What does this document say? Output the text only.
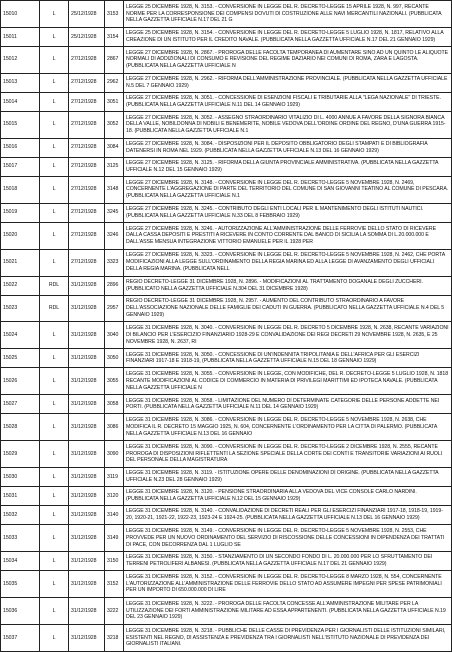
15010	L	25/12/1928	3153	LEGGE 25 DICEMBRE 1928, N. 3153. - CONVERSIONE IN LEGGE DEL R. DECRETO-LEGGE 15 APRILE 1928, N. 997, RECANTE NORME PER LA CORRESPONSIONE DEI COMPENSI DOVUTI DI COSTRUZIONE ALLE NAVI MERCANTILI NAZIONALI. (PUBBLICATA NELLA GAZZETTA UFFICIALE N.17 DEL 21 G
15011	L	25/12/1928	3154	LEGGE 25 DICEMBRE 1928, N. 3154. - CONVERSIONE IN LEGGE DEL R. DECRETO-LEGGE 5 LUGLIO 1928, N. 1817, RELATIVO ALLA CREAZIONE DI UN ISTITUTO PER IL CREDITO NAVALE. (PUBBLICATA NELLA GAZZETTA UFFICIALE N.17 DEL 21 GENNAIO 1929)
15012	L	27/12/1928	2867	LEGGE 27 DICEMBRE 1928, N. 2867. - PROROGA DELLE FACOLTA TEMPORANEA DI AUMENTARE SINO AD UN QUINTO LE ALIQUOTE NORMALI DI ADDIZIONALI DI CONSUMO E REVISIONE DEL REGIME DAZIARIO NEI COMUNI DI ROMA, ZARA E LAGOSTA. (PUBBLICATA NELLA GAZZETTA UFFICIALE N
15013	L	27/12/1928	2962	LEGGE 27 DICEMBRE 1928, N. 2962. - RIFORMA DELL'AMMINISTRAZIONE PROVINCIALE. (PUBBLICATA NELLA GAZZETTA UFFICIALE N.5 DEL 7 GENNAIO 1929)
15014	L	27/12/1928	3051	LEGGE 27 DICEMBRE 1928, N. 3051. - CONCESSIONE DI ESENZIONI FISCALI E TRIBUTARIE ALLA ''LEGA NAZIONALE'' DI TRIESTE. (PUBBLICATA NELLA GAZZETTA UFFICIALE N.11 DEL 14 GENNAIO 1929)
15015	L	27/12/1928	3052	LEGGE 27 DICEMBRE 1928, N. 3052. - ASSEGNO STRAORDINARIO VITALIZIO DI L. 4000 ANNUE A FAVORE DELLA SIGNORA BIANCA DELLA VALLE, NOBILDONNA DI NOBILI E BENEMERITE, NOBILE VEDOVA DELL'ORDINE ORDINE DEL REGNO, D'UNA GUERRA 1915-18. (PUBBLICATA NELLA GAZZETTA UFFICIALE N.1
15016	L	27/12/1928	3084	LEGGE 27 DICEMBRE 1928, N. 3084. - DISPOSIZIONI PER IL DEPOSITO OBBLIGATORIO DEGLI STAMPATI E DI BIBLIOGRAFIA DATENERSI IN ROMA NEL 1929. (PUBBLICATA NELLA GAZZETTA UFFICIALE N.13 DEL 16 GENNAIO 1929)
15017	L	27/12/1928	3125	LEGGE 27 DICEMBRE 1928, N. 3125. - RIFORMA DELLA GIUNTA PROVINCIALE AMMINISTRATIVA. (PUBBLICATA NELLA GAZZETTA UFFICIALE N.12 DEL 15 GENNAIO 1929)
15018	L	27/12/1928	3148	LEGGE 27 DICEMBRE 1928, N. 3148. - CONVERSIONE IN LEGGE DEL R. DECRETO-LEGGE 5 NOVEMBRE 1928, N. 2469, CONCERNENTE L'AGGREGAZIONE DI PARTE DEL TERRITORIO DEL COMUNE DI SAN GIOVANNI TEATINO AL COMUNE DI PESCARA. (PUBBLICATA NELLA GAZZETTA UFFICIALE N.1
15019	L	27/12/1928	3245	LEGGE 27 DICEMBRE 1928, N. 3245. - CONTRIBUTO DEGLI ENTI LOCALI PER IL MANTENIMENTO DEGLI ISTITUTI NAUTICI. (PUBBLICATA NELLA GAZZETTA UFFICIALE N.33 DEL 8 FEBBRAIO 1929)
15020	L	27/12/1928	3246	LEGGE 27 DICEMBRE 1928, N. 3246. - AUTORIZZAZIONE ALL'AMMINISTRAZIONE DELLE FERROVIE DELLO STATO DI RICEVERE DALLA CASSA DEPOSITI E PRESTITI A RICEVERE IN CONTO CORRENTE DAL BANCO DI SICILIA LA SOMMA DI L.20.000.000 E DALL'ASSE MENSUA INTEGRAZIONE VITTORIO EMANUELE PER IL 1928 PER
15021	L	27/12/1928	3323	LEGGE 27 DICEMBRE 1928, N. 3323. - CONVERSIONE IN LEGGE DEL R. DECRETO-LEGGE 5 NOVEMBRE 1928, N. 2462, CHE PORTA MODIFICAZIONI ALLA LEGGE SULL'ORDINAMENTO DELLA REGIA MARINA ED ALLA LEGGE DI AVANZAMENTO DEGLI UFFICIALI DELLA REGIA MARINA. (PUBBLICATA NELL
15022	RDL	31/12/1928	2896	REGIO DECRETO-LEGGE 31 DICEMBRE 1928, N. 2896. - MODIFICAZIONI AL TRATTAMENTO DOGANALE DEGLI ZUCCHERI. (PUBBLICATO NELLA GAZZETTA UFFICIALE N.304 DEL 31 DICEMBRE 1928)
15023	RDL	31/12/1928	2957	REGIO DECRETO-LEGGE 31 DICEMBRE 1928, N. 2957. - AUMENTO DEL CONTRIBUTO STRAORDINARIO A FAVORE DELL'ASSOCIAZIONE NAZIONALE DELLE FAMIGLIE DEI CADUTI IN GUERRA. (PUBBLICATO NELLA GAZZETTA UFFICIALE N.4 DEL 5 GENNAIO 1929)
15024	L	31/12/1928	3040	LEGGE 31 DICEMBRE 1928, N. 3040. - CONVERSIONE IN LEGGE DEL R. DECRETO 5 DICEMBRE 1928, N. 2638, RECANTE VARIAZIONI DI BILANCIO PER L'ESERCIZIO FINANZIARIO 1928-29 E CONVALIDAZIONE DEI REGI DECRETI 29 NOVEMBRE 1928, N. 2635, E 25 NOVEMBRE 1928, N. 2637, RI
15025	L	31/12/1928	3050	LEGGE 31 DICEMBRE 1928, N. 3050. - CONCESSIONE DI UN'INDENNITA TRIPOLITANIA E DELL'AFRICA PER GLI ESERCIZI FINANZIARI 1917-18 E 1918-19, (PUBBLICATA NELLA GAZZETTA UFFICIALE N.15 DEL 18 GENNAIO 1929)
15026	L	31/12/1928	3055	LEGGE 31 DICEMBRE 1928, N. 3055. - CONVERSIONE IN LEGGE, CON MODIFICHE, DEL R. DECRETO-LEGGE 5 LUGLIO 1928, N. 1818 RECANTE MODIFICAZIONI AL CODICE DI COMMERCIO IN MATERIA DI PRIVILEGI MARITTIMI ED IPOTECA NAVALE. (PUBBLICATA NELLA GAZZETTA UFFICIALE N
15027	L	31/12/1928	3058	LEGGE 31 DICEMBRE 1928, N. 3058. - LIMITAZIONE DEL NUMERO DI DETERMINATE CATEGORIE DELLE PERSONE ADDETTE NEI PORTI. (PUBBLICATA NELLA GAZZETTA UFFICIALE N.11 DEL 14 GENNAIO 1929)
15028	L	31/12/1928	3086	LEGGE 31 DICEMBRE 1928, N. 3086. - CONVERSIONE IN LEGGE DEL R. DECRETO-LEGGE 5 NOVEMBRE 1928, N. 2638, CHE MODIFICA IL R. DECRETO 15 MAGGIO 1925, N. 604, CONCERNENTE L'ORDINAMENTO PER LA CITTA DI PALERMO. (PUBBLICATA NELLA GAZZETTA UFFICIALE N.13 DEL 16 GENNAIO
15029	L	31/12/1928	3090	LEGGE 31 DICEMBRE 1928, N. 3090. - CONVERSIONE IN LEGGE DEL R. DECRETO-LEGGE 2 DICEMBRE 1928, N. 2555, RECANTE PROROGA DI DISPOSIZIONI RIFLETTENTI LA SEZIONE SPECIALE DELLA CORTE DEI CONTI E TRANSITORIE VARIAZIONI AI RUOLI DEL PERSONALE DELLA MAGISTRATURA
15030	L	31/12/1928	3119	LEGGE 31 DICEMBRE 1928, N. 3119. - ISTITUZIONE OPERE DELLE DENOMINAZIONI DI ORIGINE. (PUBBLICATA NELLA GAZZETTA UFFICIALE N.23 DEL 28 GENNAIO 1929)
15031	L	31/12/1928	3120	LEGGE 31 DICEMBRE 1928, N. 3120. - PENSIONE STRAORDINARIA ALLA VEDOVA DEL VICE CONSOLE CARLO NARDINI. (PUBBLICATA NELLA GAZZETTA UFFICIALE N.12 DEL 15 GENNAIO 1929)
15032	L	31/12/1928	3140	LEGGE 31 DICEMBRE 1928, N. 3140. - CONVALIDAZIONE DI DECRETI REALI PER GLI ESERCIZI FINANZIARI 1917-18, 1918-19, 1919-20, 1920-21, 1921-22, 1922-23, 1923-24 E 1924-25. (PUBBLICATA NELLA GAZZETTA UFFICIALE N.13 DEL 16 GENNAIO 1929)
15033	L	31/12/1928	3149	LEGGE 31 DICEMBRE 1928, N. 3149. - CONVERSIONE IN LEGGE DEL R. DECRETO-LEGGE 5 NOVEMBRE 1928, N. 2553, CHE PROVVEDE PER UN NUOVO ORDINAMENTO DEL SERVIZIO DI RISCOSSIONE DELLE CONCESSIONI IN DIPENDENZA DEI TRATTATI DI PACE, CON DECORRENZA DAL 1 LUGLIO SE
15034	L	31/12/1928	3150	LEGGE 31 DICEMBRE 1928, N. 3150. - STANZIAMENTO DI UN SECONDO FONDO DI L. 20.000.000 PER LO SFRUTTAMENTO DEI TERRENI PETROLIFERI ALBANESI. (PUBBLICATA NELLA GAZZETTA UFFICIALE N.17 DEL 21 GENNAIO 1929)
15035	L	31/12/1928	3152	LEGGE 31 DICEMBRE 1928, N. 3152. - CONVERSIONE IN LEGGE DEL R. DECRETO-LEGGE 8 MARZO 1928, N. 554, CONCERNENTE L'AUTORIZZAZIONE ALL'AMMINISTRAZIONE DELLE FERROVIE DELLO STATO AD ASSUMERE IMPEGNI PER SPESE PATRIMONIALI PER UN IMPORTO DI 650.000.000 DI LIRE
15036	L	31/12/1928	3222	LEGGE 31 DICEMBRE 1928, N. 3222. - PROROGA DELLE FACOLTA CONCESSE ALL'AMMINISTRAZIONE MILITARE PER LA UTILIZZAZIONE DEI FORTI AMMINISTRAZIONE MILITARE AD ESSA APPARTENENTI. (PUBBLICATA NELLA GAZZETTA UFFICIALE N.19 DEL 23 GENNAIO 1929)
15037	L	31/12/1928	3218	LEGGE 31 DICEMBRE 1928, N. 3218. - PUBBLICHE DELLE CASSE DI PREVIDENZA PER I GIORNALISTI DELLE ISTITUZIONI SIMILARI, ESISTENTI NEL REGNO, DI ASSISTENZA E PREVIDENZA TRA I GIORNALISTI NELL'ISTITUTO NAZIONALE DI PREVIDENZA DEI GIORNALISTI ITALIANI.
